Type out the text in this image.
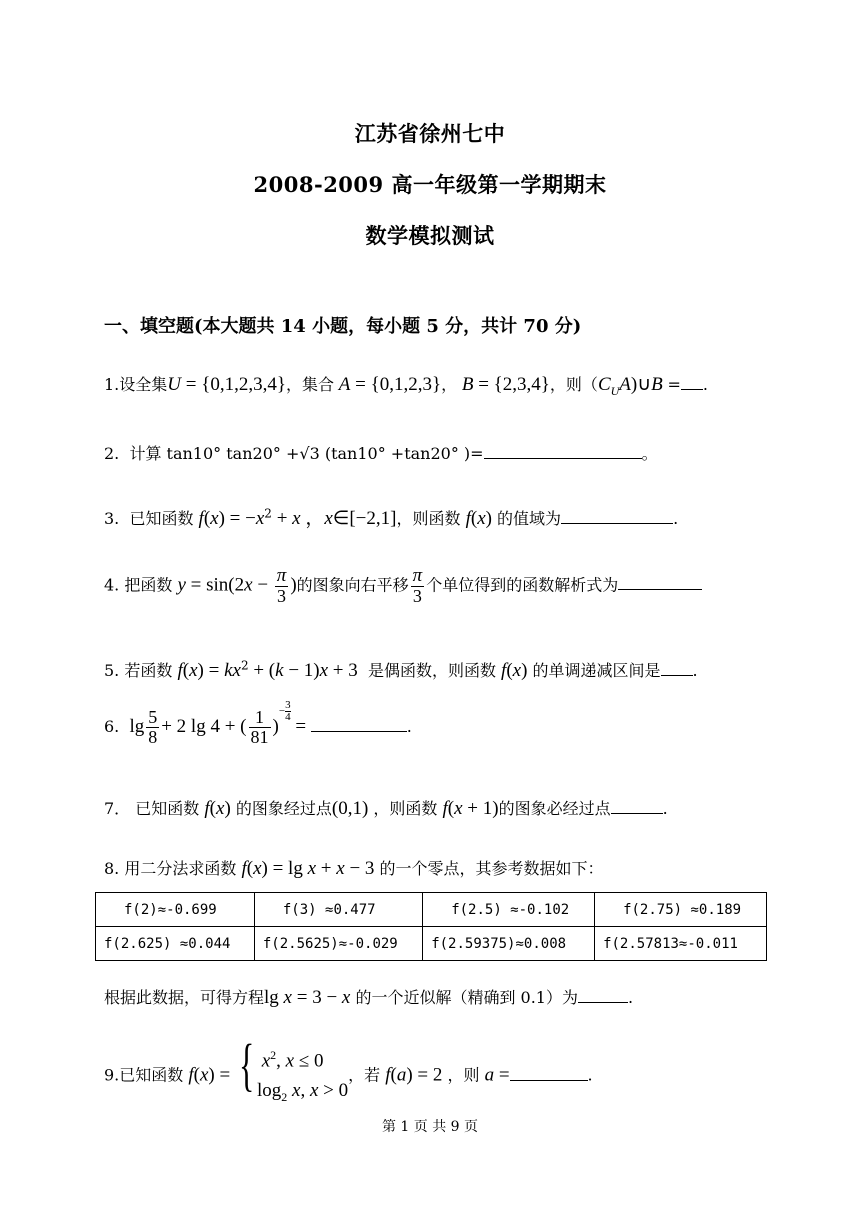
江苏省徐州七中
2008-2009 高一年级第一学期期末
数学模拟测试
一、填空题(本大题共 14 小题，每小题 5 分，共计 70 分)
1.设全集U = {0,1,2,3,4}，集合 A = {0,1,2,3}， B = {2,3,4}，则$(C_UA)\cup B$ = .
2. 计算 tan10° tan20° +√3 (tan10° +tan20° )=	。
3. 已知函数 $f(x) = -x^2 + x$ ，x∈[−2,1]，则函数 f(x) 的值域为	.
4. 把函数 $y = \sin(2x - \frac{\pi}{3}$ )的图象向右平移 $\frac{\pi}{3}$ 个单位得到的函数解析式为
5. 若函数 $f(x) = kx^2 + (k - 1)x + 3$ 是偶函数，则函数 f(x) 的单调递减区间是 .
6. $\lg \frac{5}{8} + 2$ lg 4 + ( $\frac{1}{81} )^{- \frac{3}{4}}$
=	.
7． 已知函数 f(x) 的图象经过点(0,1) ，则函数 f(x + 1)的图象必经过点	.
8. 用二分法求函数 f(x) = lg x + x − 3 的一个零点，其参考数据如下：
f(2)≈-0.699	f(3) ≈0.477	f(2.5) ≈-0.102	f(2.75) ≈0.189
f(2.625) ≈0.044	f(2.5625)≈-0.029	f(2.59375)≈0.008	f(2.57813≈-0.011
根据此数据，可得方程lg x = 3 − x 的一个近似解（精确到 0.1）为	.
9.已知函数 f(x) = { $x^2$, x ≤ 0
$\log_2 x$, x > 0
，若 f(a) = 2 ，则 a =	.
第 1 页 共 9 页
